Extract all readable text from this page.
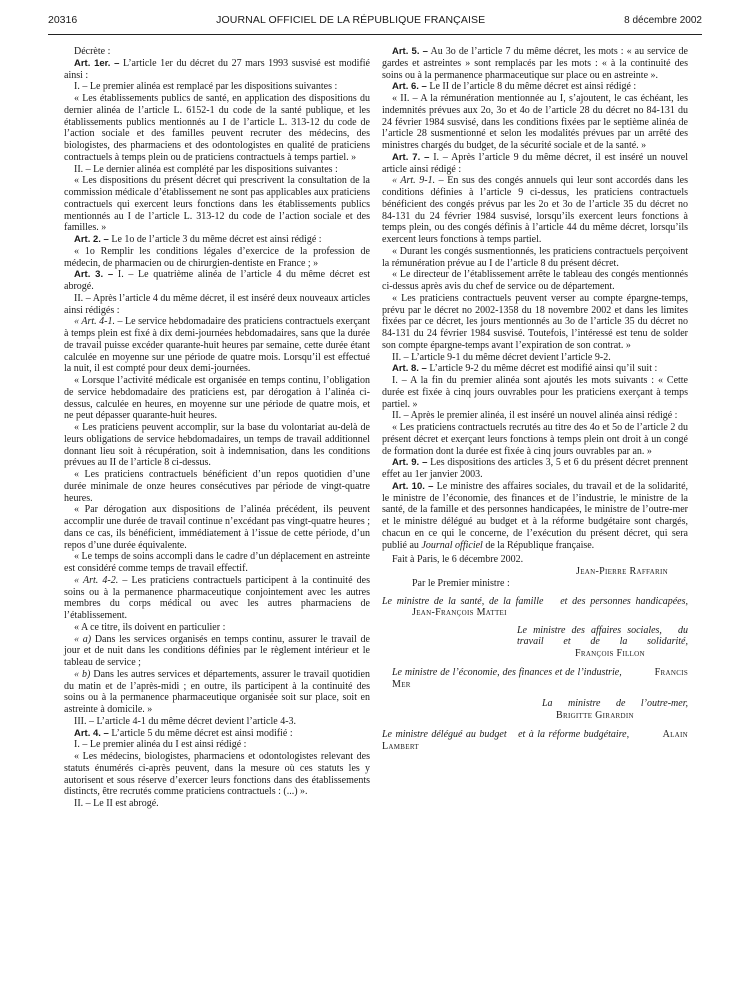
20316	JOURNAL OFFICIEL DE LA RÉPUBLIQUE FRANÇAISE	8 décembre 2002

Décrète :

Art. 1er. – L’article 1er du décret du 27 mars 1993 susvisé est modifié ainsi :

I. – Le premier alinéa est remplacé par les dispositions suivantes :

« Les établissements publics de santé, en application des dispositions du dernier alinéa de l’article L. 6152-1 du code de la santé publique, et les établissements publics mentionnés au I de l’article L. 313-12 du code de l’action sociale et des familles peuvent recruter des médecins, des biologistes, des pharmaciens et des odontologistes en qualité de praticiens contractuels à temps plein ou de praticiens contractuels à temps partiel. »

II. – Le dernier alinéa est complété par les dispositions suivantes :

« Les dispositions du présent décret qui prescrivent la consultation de la commission médicale d’établissement ne sont pas applicables aux praticiens contractuels qui exercent leurs fonctions dans les établissements publics mentionnés au I de l’article L. 313-12 du code de l’action sociale et des familles. »

Art. 2. – Le 1o de l’article 3 du même décret est ainsi rédigé :

« 1o Remplir les conditions légales d’exercice de la profession de médecin, de pharmacien ou de chirurgien-dentiste en France ; »

Art. 3. – I. – Le quatrième alinéa de l’article 4 du même décret est abrogé.

II. – Après l’article 4 du même décret, il est inséré deux nouveaux articles ainsi rédigés :

« Art. 4-1. – Le service hebdomadaire des praticiens contractuels exerçant à temps plein est fixé à dix demi-journées hebdomadaires, sans que la durée de travail puisse excéder quarante-huit heures par semaine, cette durée étant calculée en moyenne sur une période de quatre mois. Lorsqu’il est effectué la nuit, il est compté pour deux demi-journées.

« Lorsque l’activité médicale est organisée en temps continu, l’obligation de service hebdomadaire des praticiens est, par dérogation à l’alinéa ci-dessus, calculée en heures, en moyenne sur une période de quatre mois, et ne peut dépasser quarante-huit heures.

« Les praticiens peuvent accomplir, sur la base du volontariat au-delà de leurs obligations de service hebdomadaires, un temps de travail additionnel donnant lieu soit à récupération, soit à indemnisation, dans les conditions prévues au II de l’article 8 ci-dessus.

« Les praticiens contractuels bénéficient d’un repos quotidien d’une durée minimale de onze heures consécutives par période de vingt-quatre heures.

« Par dérogation aux dispositions de l’alinéa précédent, ils peuvent accomplir une durée de travail continue n’excédant pas vingt-quatre heures ; dans ce cas, ils bénéficient, immédiatement à l’issue de cette période, d’un repos d’une durée équivalente.

« Le temps de soins accompli dans le cadre d’un déplacement en astreinte est considéré comme temps de travail effectif.

« Art. 4-2. – Les praticiens contractuels participent à la continuité des soins ou à la permanence pharmaceutique conjointement avec les autres membres du corps médical ou avec les autres pharmaciens de l’établissement.

« A ce titre, ils doivent en particulier :

« a) Dans les services organisés en temps continu, assurer le travail de jour et de nuit dans les conditions définies par le règlement intérieur et le tableau de service ;

« b) Dans les autres services et départements, assurer le travail quotidien du matin et de l’après-midi ; en outre, ils participent à la continuité des soins ou à la permanence pharmaceutique organisée soit sur place, soit en astreinte à domicile. »

III. – L’article 4-1 du même décret devient l’article 4-3.

Art. 4. – L’article 5 du même décret est ainsi modifié :

I. – Le premier alinéa du I est ainsi rédigé :

« Les médecins, biologistes, pharmaciens et odontologistes relevant des statuts énumérés ci-après peuvent, dans la mesure où ces statuts les y autorisent et sous réserve d’exercer leurs fonctions dans des établissements distincts, être recrutés comme praticiens contractuels : (...) ».

II. – Le II est abrogé.

Art. 5. – Au 3o de l’article 7 du même décret, les mots : « au service de gardes et astreintes » sont remplacés par les mots : « à la continuité des soins ou à la permanence pharmaceutique sur place ou en astreinte ».

Art. 6. – Le II de l’article 8 du même décret est ainsi rédigé :

« II. – A la rémunération mentionnée au I, s’ajoutent, le cas échéant, les indemnités prévues aux 2o, 3o et 4o de l’article 28 du décret no 84-131 du 24 février 1984 susvisé, dans les conditions fixées par le septième alinéa de l’article 28 susmentionné et selon les modalités prévues par un arrêté des ministres chargés du budget, de la sécurité sociale et de la santé. »

Art. 7. – I. – Après l’article 9 du même décret, il est inséré un nouvel article ainsi rédigé :

« Art. 9-1. – En sus des congés annuels qui leur sont accordés dans les conditions définies à l’article 9 ci-dessus, les praticiens contractuels bénéficient des congés prévus par les 2o et 3o de l’article 35 du décret no 84-131 du 24 février 1984 susvisé, lorsqu’ils exercent leurs fonctions à temps plein, ou des congés définis à l’article 44 du même décret, lorsqu’ils exercent leurs fonctions à temps partiel.

« Durant les congés susmentionnés, les praticiens contractuels perçoivent la rémunération prévue au I de l’article 8 du présent décret.

« Le directeur de l’établissement arrête le tableau des congés mentionnés ci-dessus après avis du chef de service ou de département.

« Les praticiens contractuels peuvent verser au compte épargne-temps, prévu par le décret no 2002-1358 du 18 novembre 2002 et dans les limites fixées par ce décret, les jours mentionnés au 3o de l’article 35 du décret no 84-131 du 24 février 1984 susvisé. Toutefois, l’intéressé est tenu de solder son compte épargne-temps avant l’expiration de son contrat. »

II. – L’article 9-1 du même décret devient l’article 9-2.

Art. 8. – L’article 9-2 du même décret est modifié ainsi qu’il suit :

I. – A la fin du premier alinéa sont ajoutés les mots suivants : « Cette durée est fixée à cinq jours ouvrables pour les praticiens exerçant à temps partiel. »

II. – Après le premier alinéa, il est inséré un nouvel alinéa ainsi rédigé :

« Les praticiens contractuels recrutés au titre des 4o et 5o de l’article 2 du présent décret et exerçant leurs fonctions à temps plein ont droit à un congé de formation dont la durée est fixée à cinq jours ouvrables par an. »

Art. 9. – Les dispositions des articles 3, 5 et 6 du présent décret prennent effet au 1er janvier 2003.

Art. 10. – Le ministre des affaires sociales, du travail et de la solidarité, le ministre de l’économie, des finances et de l’industrie, le ministre de la santé, de la famille et des personnes handicapées, le ministre de l’outre-mer et le ministre délégué au budget et à la réforme budgétaire sont chargés, chacun en ce qui le concerne, de l’exécution du présent décret, qui sera publié au Journal officiel de la République française.

Fait à Paris, le 6 décembre 2002.

Jean-Pierre Raffarin

Par le Premier ministre :

Le ministre de la santé, de la famille et des personnes handicapées, Jean-François Mattei
Le ministre des affaires sociales, du travail et de la solidarité, François Fillon
Le ministre de l’économie, des finances et de l’industrie,	Francis Mer
La ministre de l’outre-mer, Brigitte Girardin
Le ministre délégué au budget et à la réforme budgétaire,	Alain Lambert
